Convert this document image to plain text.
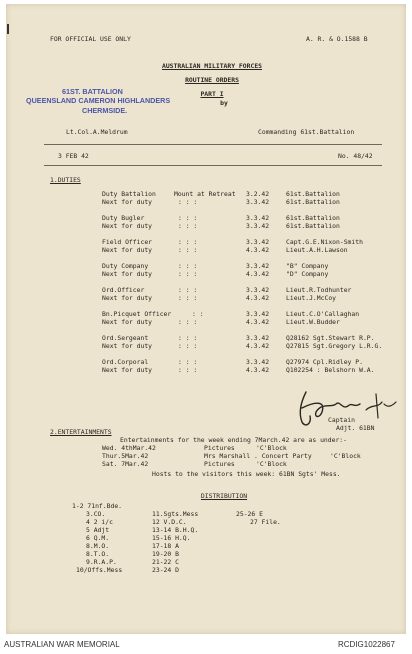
FOR OFFICIAL USE ONLY	A. R. & O.1588 B
AUSTRALIAN MILITARY FORCES
ROUTINE ORDERS
PART I
by
61ST. BATTALION
QUEENSLAND CAMERON HIGHLANDERS
CHERMSIDE.
Lt.Col.A.Meldrum	Commanding 61st.Battalion
3 FEB 42	No. 48/42
1.DUTIES
Duty Battalion	Mount at Retreat 3.2.42	61st.Battalion
Next for duty	: : :	3.3.42	61st.Battalion
Duty Bugler	: : :	3.3.42	61st.Battalion
Next for duty	: : :	3.3.42	61st.Battalion
Field Officer	: : :	3.3.42	Capt.G.E.Nixon-Smith
Next for duty	: : :	4.3.42	Lieut.A.H.Lawson
Duty Company	: : :	3.3.42	"B" Company
Next for duty	: : :	4.3.42	"D" Company
Ord.Officer	: : :	3.3.42	Lieut.R.Todhunter
Next for duty	: : :	4.3.42	Lieut.J.McCoy
Bn.Picquet Officer	: :	3.3.42	Lieut.C.O'Callaghan
Next for duty	: : :	4.3.42	Lieut.W.Budder
Ord.Sergeant	: : :	3.3.42	Q28162 Sgt.Stewart R.P.
Next for duty	: : :	4.3.42	Q27815 Sgt.Gregory L.R.G.
Ord.Corporal	: : :	3.3.42	Q27974 Cpl.Ridley P.
Next for duty	: : :	4.3.42	Q102254 : Belshorn W.A.
Captain
Adjt. 61BN
2.ENTERTAINMENTS
Entertainments for the week ending 7March.42 are as under:-
Wed. 4thMar.42	Pictures	'C'Block
Thur.5Mar.42	Mrs Marshall . Concert Party	'C'Block
Sat. 7Mar.42	Pictures	'C'Block
Hosts to the visitors this week: 61BN Sgts' Mess.
DISTRIBUTION
1-2 71nf.Bde.
3.CO.
4 2 i/c
5 Adjt
6 Q.M.
8.M.O.
8.T.O.
9.R.A.P.
10/Offs.Mess
11.Sgts.Mess
12 V.D.C.
13-14 B.H.Q.
15-16 H.Q.
17-18 A
19-20 B
21-22 C
23-24 D
25-26 E
27 File.
AUSTRALIAN WAR MEMORIAL	RCDIG1022867
